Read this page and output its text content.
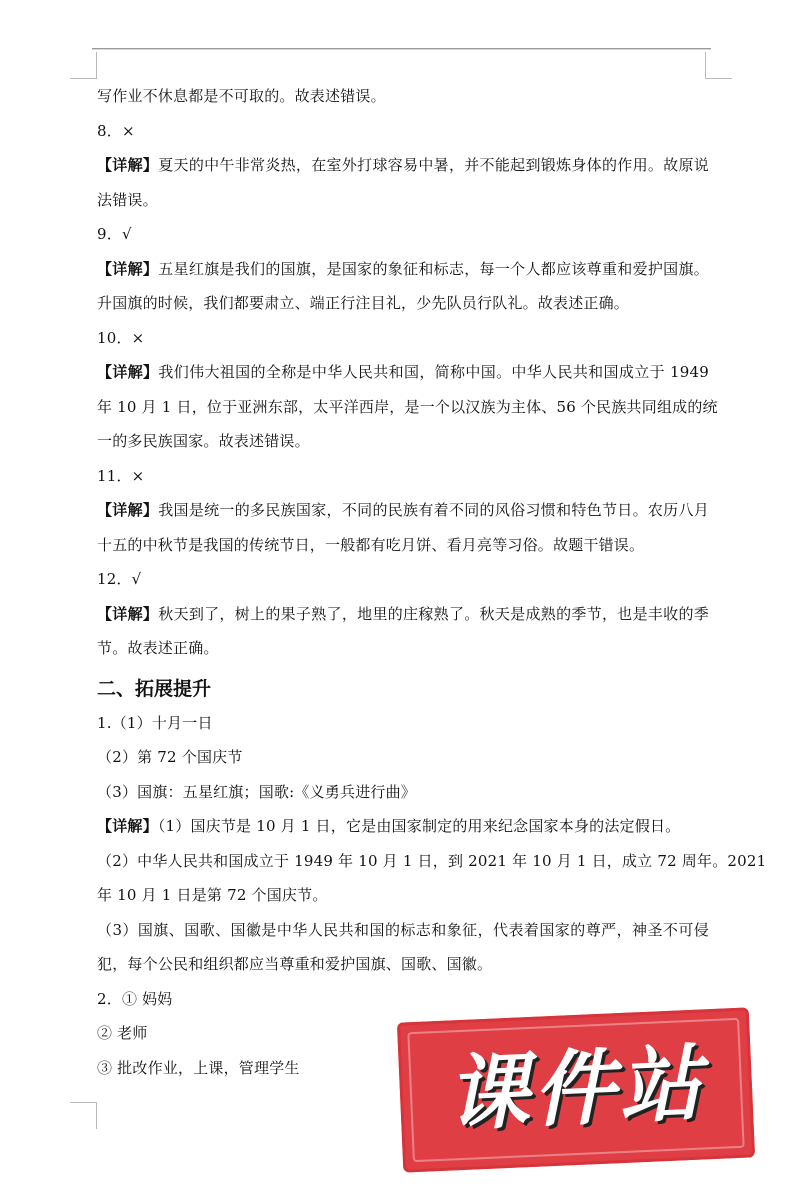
写作业不休息都是不可取的。故表述错误。
8．×
【详解】夏天的中午非常炎热，在室外打球容易中暑，并不能起到锻炼身体的作用。故原说
法错误。
9．√
【详解】五星红旗是我们的国旗，是国家的象征和标志，每一个人都应该尊重和爱护国旗。
升国旗的时候，我们都要肃立、端正行注目礼，少先队员行队礼。故表述正确。
10．×
【详解】我们伟大祖国的全称是中华人民共和国，简称中国。中华人民共和国成立于 1949
年 10 月 1 日，位于亚洲东部，太平洋西岸，是一个以汉族为主体、56 个民族共同组成的统
一的多民族国家。故表述错误。
11．×
【详解】我国是统一的多民族国家，不同的民族有着不同的风俗习惯和特色节日。农历八月
十五的中秋节是我国的传统节日，一般都有吃月饼、看月亮等习俗。故题干错误。
12．√
【详解】秋天到了，树上的果子熟了，地里的庄稼熟了。秋天是成熟的季节，也是丰收的季
节。故表述正确。
二、拓展提升
1.（1）十月一日
（2）第 72 个国庆节
（3）国旗：五星红旗；国歌:《义勇兵进行曲》
【详解】（1）国庆节是 10 月 1 日，它是由国家制定的用来纪念国家本身的法定假日。
（2）中华人民共和国成立于 1949 年 10 月 1 日，到 2021 年 10 月 1 日，成立 72 周年。2021
年 10 月 1 日是第 72 个国庆节。
（3）国旗、国歌、国徽是中华人民共和国的标志和象征，代表着国家的尊严，神圣不可侵
犯，每个公民和组织都应当尊重和爱护国旗、国歌、国徽。
2．① 妈妈
② 老师
③ 批改作业，上课，管理学生	课件站
